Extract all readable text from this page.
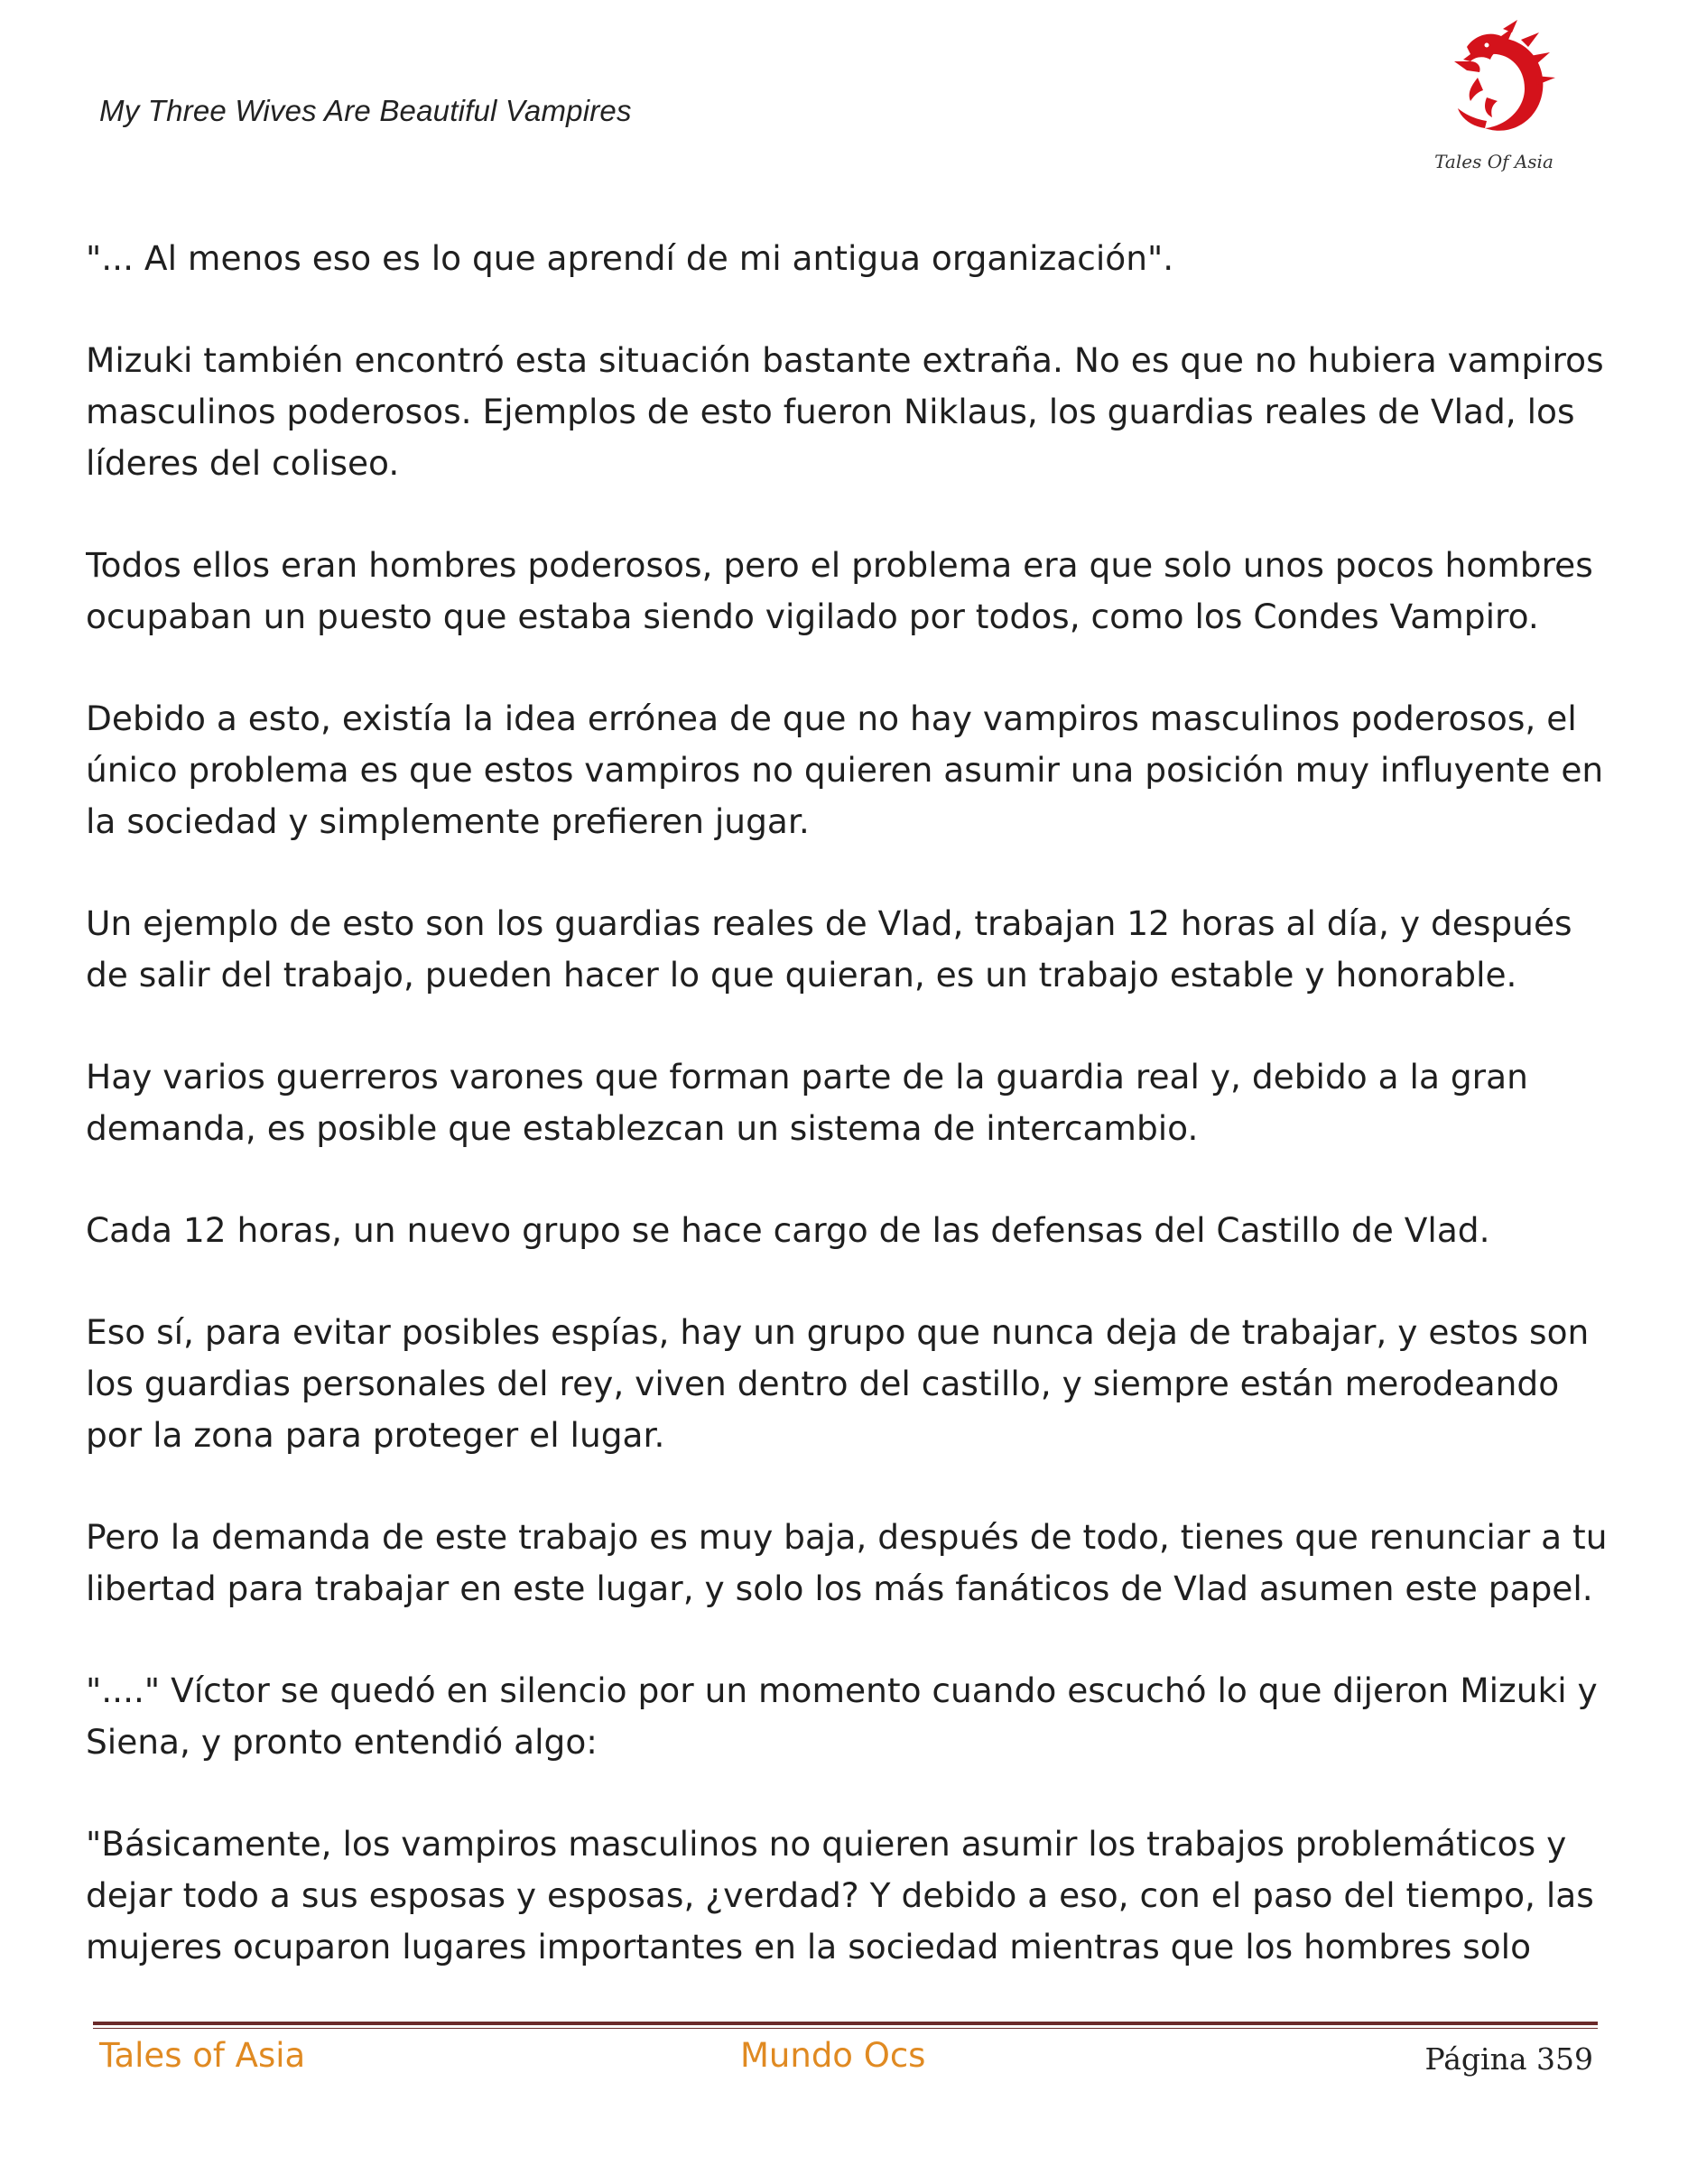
My Three Wives Are Beautiful Vampires
Tales Of Asia

"... Al menos eso es lo que aprendí de mi antigua organización".

Mizuki también encontró esta situación bastante extraña. No es que no hubiera vampiros masculinos poderosos. Ejemplos de esto fueron Niklaus, los guardias reales de Vlad, los líderes del coliseo.

Todos ellos eran hombres poderosos, pero el problema era que solo unos pocos hombres ocupaban un puesto que estaba siendo vigilado por todos, como los Condes Vampiro.

Debido a esto, existía la idea errónea de que no hay vampiros masculinos poderosos, el único problema es que estos vampiros no quieren asumir una posición muy influyente en la sociedad y simplemente prefieren jugar.

Un ejemplo de esto son los guardias reales de Vlad, trabajan 12 horas al día, y después de salir del trabajo, pueden hacer lo que quieran, es un trabajo estable y honorable.

Hay varios guerreros varones que forman parte de la guardia real y, debido a la gran demanda, es posible que establezcan un sistema de intercambio.

Cada 12 horas, un nuevo grupo se hace cargo de las defensas del Castillo de Vlad.

Eso sí, para evitar posibles espías, hay un grupo que nunca deja de trabajar, y estos son los guardias personales del rey, viven dentro del castillo, y siempre están merodeando por la zona para proteger el lugar.

Pero la demanda de este trabajo es muy baja, después de todo, tienes que renunciar a tu libertad para trabajar en este lugar, y solo los más fanáticos de Vlad asumen este papel.

"...." Víctor se quedó en silencio por un momento cuando escuchó lo que dijeron Mizuki y Siena, y pronto entendió algo:

"Básicamente, los vampiros masculinos no quieren asumir los trabajos problemáticos y dejar todo a sus esposas y esposas, ¿verdad? Y debido a eso, con el paso del tiempo, las mujeres ocuparon lugares importantes en la sociedad mientras que los hombres solo

Tales of Asia	Mundo Ocs	Página 359
